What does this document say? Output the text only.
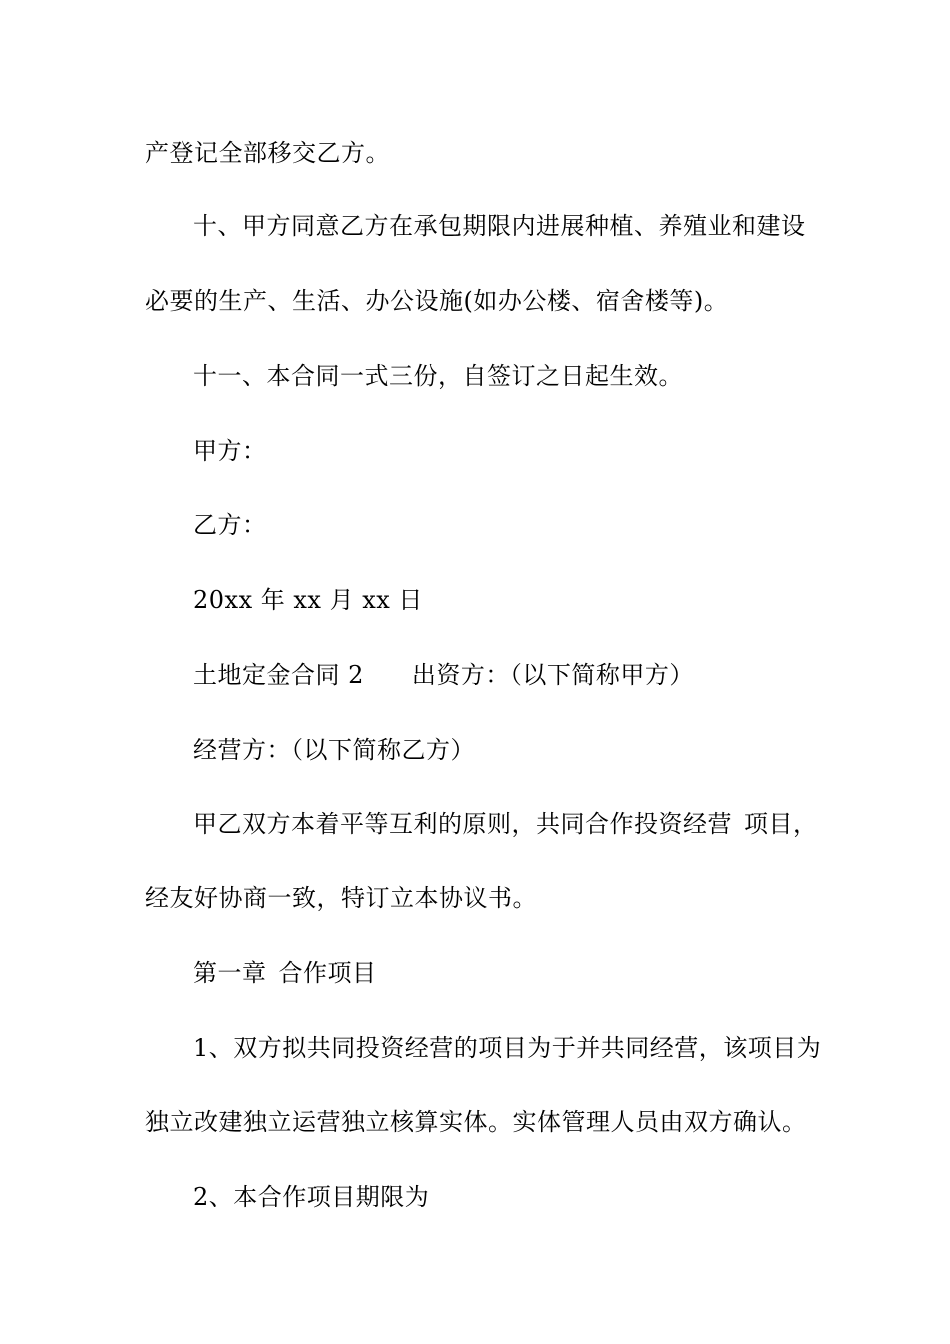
产登记全部移交乙方。
十、甲方同意乙方在承包期限内进展种植、养殖业和建设
必要的生产、生活、办公设施(如办公楼、宿舍楼等)。
十一、本合同一式三份，自签订之日起生效。
甲方：
乙方：
20xx 年 xx 月 xx 日
土地定金合同 2 出资方：（以下简称甲方）
经营方：（以下简称乙方）
甲乙双方本着平等互利的原则，共同合作投资经营 项目，
经友好协商一致，特订立本协议书。
第一章 合作项目
1、双方拟共同投资经营的项目为于并共同经营，该项目为
独立改建独立运营独立核算实体。实体管理人员由双方确认。
2、本合作项目期限为
